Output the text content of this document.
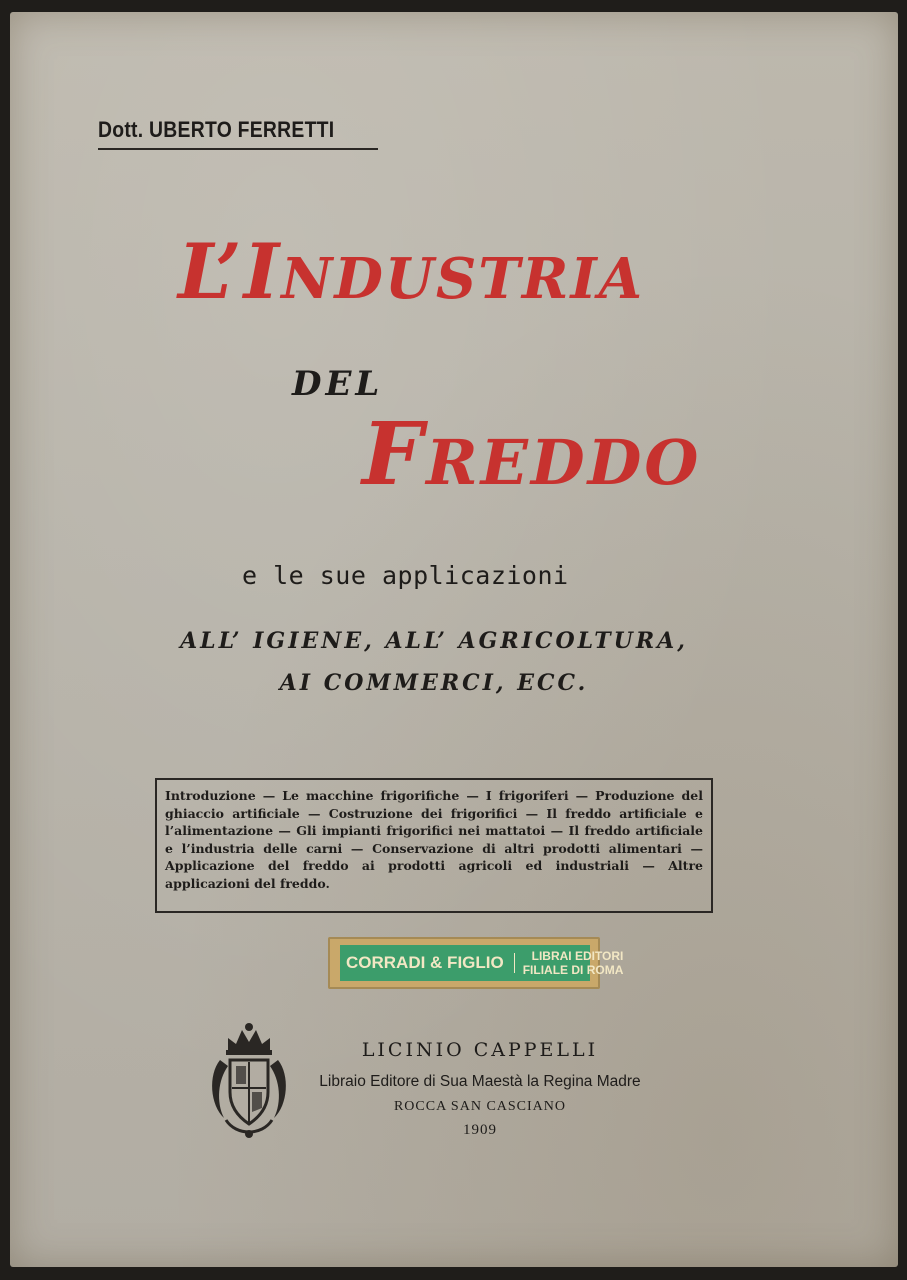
Dott. UBERTO FERRETTI
L’INDUSTRIA
DEL
FREDDO
e le sue applicazioni
ALL’ IGIENE, ALL’ AGRICOLTURA,
AI COMMERCI, ECC.
Introduzione — Le macchine frigorifiche — I frigoriferi — Produzione del ghiaccio artificiale — Costruzione dei frigorifici — Il freddo artificiale e l’alimentazione — Gli impianti frigorifici nei mattatoi — Il freddo artificiale e l’industria delle carni — Conservazione di altri prodotti alimentari — Applicazione del freddo ai prodotti agricoli ed industriali — Altre applicazioni del freddo.
CORRADI & FIGLIO	LIBRAI EDITORI
FILIALE DI ROMA
LICINIO CAPPELLI
Libraio Editore di Sua Maestà la Regina Madre
ROCCA SAN CASCIANO
1909
